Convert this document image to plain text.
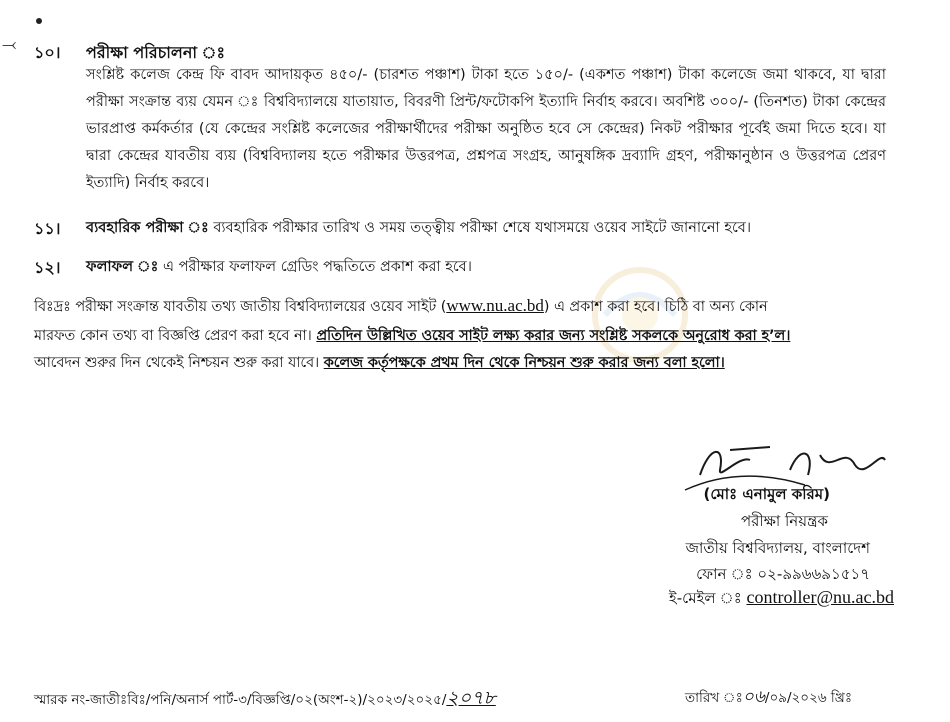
⤙ ১০। পরীক্ষা পরিচালনা ঃ
সংশ্লিষ্ট কলেজ কেন্দ্র ফি বাবদ আদায়কৃত ৪৫০/- (চারশত পঞ্চাশ) টাকা হতে ১৫০/- (একশত পঞ্চাশ) টাকা কলেজে জমা থাকবে, যা দ্বারা পরীক্ষা সংক্রান্ত ব্যয় যেমন ঃ বিশ্ববিদ্যালয়ে যাতায়াত, বিবরণী প্রিন্ট/ফটোকপি ইত্যাদি নির্বাহ করবে। অবশিষ্ট ৩০০/- (তিনশত) টাকা কেন্দ্রের ভারপ্রাপ্ত কর্মকর্তার (যে কেন্দ্রের সংশ্লিষ্ট কলেজের পরীক্ষার্থীদের পরীক্ষা অনুষ্ঠিত হবে সে কেন্দ্রের) নিকট পরীক্ষার পূর্বেই জমা দিতে হবে। যা দ্বারা কেন্দ্রের যাবতীয় ব্যয় (বিশ্ববিদ্যালয় হতে পরীক্ষার উত্তরপত্র, প্রশ্নপত্র সংগ্রহ, আনুষঙ্গিক দ্রব্যাদি গ্রহণ, পরীক্ষানুষ্ঠান ও উত্তরপত্র প্রেরণ ইত্যাদি) নির্বাহ করবে।
১১। ব্যবহারিক পরীক্ষা ঃ ব্যবহারিক পরীক্ষার তারিখ ও সময় তত্ত্বীয় পরীক্ষা শেষে যথাসময়ে ওয়েব সাইটে জানানো হবে।
১২। ফলাফল ঃ এ পরীক্ষার ফলাফল গ্রেডিং পদ্ধতিতে প্রকাশ করা হবে।
বিঃদ্রঃ পরীক্ষা সংক্রান্ত যাবতীয় তথ্য জাতীয় বিশ্ববিদ্যালয়ের ওয়েব সাইট (www.nu.ac.bd) এ প্রকাশ করা হবে। চিঠি বা অন্য কোন
মারফত কোন তথ্য বা বিজ্ঞপ্তি প্রেরণ করা হবে না। প্রতিদিন উল্লিখিত ওয়েব সাইট লক্ষ্য করার জন্য সংশ্লিষ্ট সকলকে অনুরোধ করা হ’ল।
আবেদন শুরুর দিন থেকেই নিশ্চয়ন শুরু করা যাবে। কলেজ কর্তৃপক্ষকে প্রথম দিন থেকে নিশ্চয়ন শুরু করার জন্য বলা হলো।
(মোঃ এনামুল করিম)
পরীক্ষা নিয়ন্ত্রক
জাতীয় বিশ্ববিদ্যালয়, বাংলাদেশ
ফোন ঃ ০২-৯৯৬৬৯১৫১৭
ই-মেইল ঃ controller@nu.ac.bd
স্মারক নং-জাতীঃবিঃ/পনি/অনার্স পার্ট-৩/বিজ্ঞপ্তি/০২(অংশ-২)/২০২৩/২০২৫/২০৭৮	তারিখ ঃ০৬/০৯/২০২৬ খ্রিঃ
